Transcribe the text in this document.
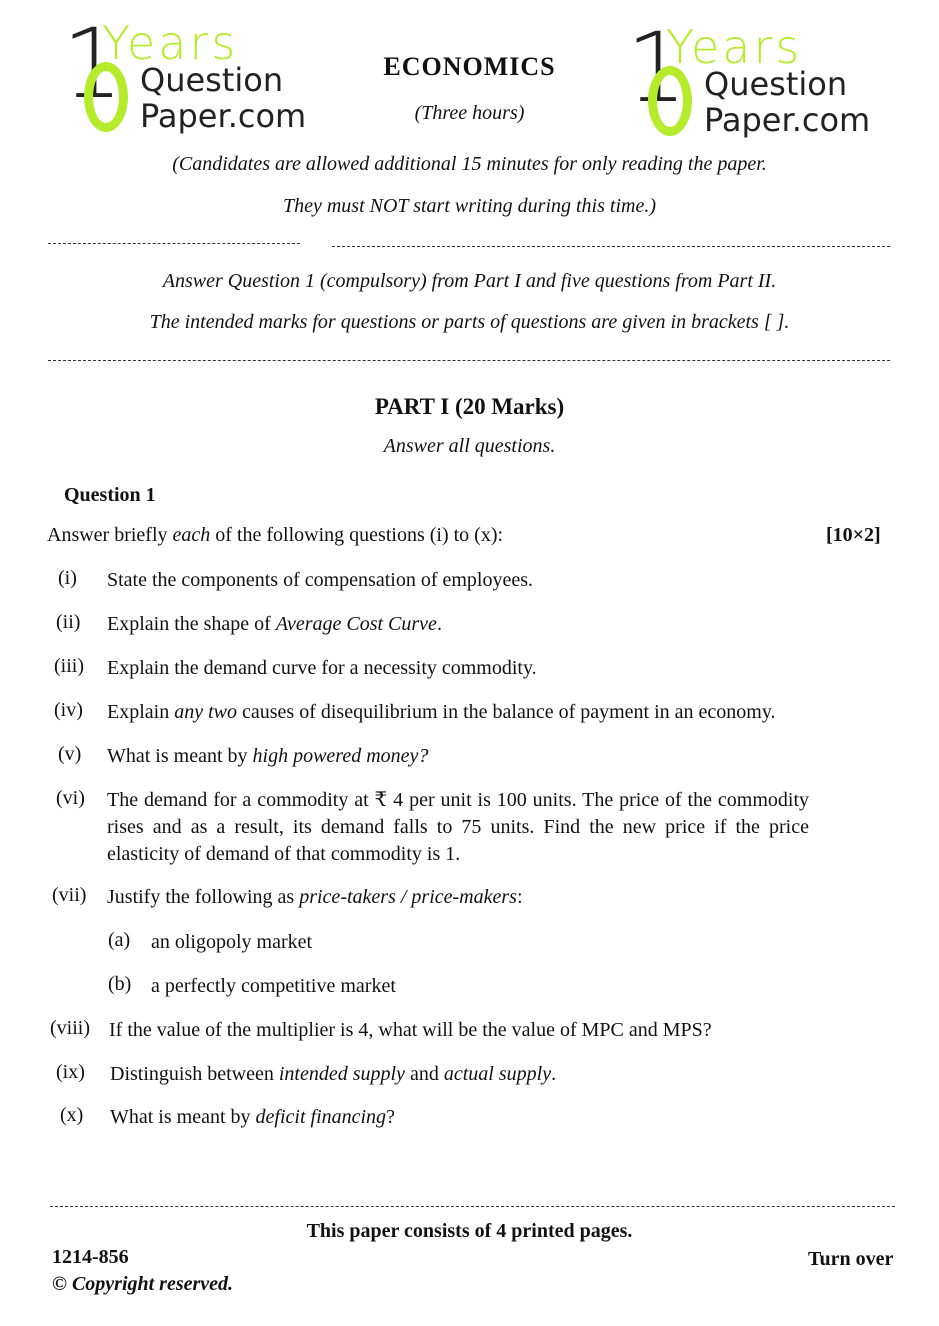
1
Years
Question
Paper.com	1
Years
Question
Paper.com
ECONOMICS
(Three hours)
(Candidates are allowed additional 15 minutes for only reading the paper.
They must NOT start writing during this time.)
Answer Question 1 (compulsory) from Part I and five questions from Part II.
The intended marks for questions or parts of questions are given in brackets [ ].
PART I (20 Marks)
Answer all questions.
Question 1
Answer briefly each of the following questions (i) to (x):	[10×2]
(i)	State the components of compensation of employees.
(ii)	Explain the shape of Average Cost Curve.
(iii)	Explain the demand curve for a necessity commodity.
(iv)	Explain any two causes of disequilibrium in the balance of payment in an economy.
(v)	What is meant by high powered money?
(vi)	The demand for a commodity at ₹ 4 per unit is 100 units. The price of the commodity rises and as a result, its demand falls to 75 units. Find the new price if the price elasticity of demand of that commodity is 1.
(vii)	Justify the following as price-takers / price-makers:
(a)	an oligopoly market
(b) a perfectly competitive market
(viii) If the value of the multiplier is 4, what will be the value of MPC and MPS?
(ix)	Distinguish between intended supply and actual supply.
(x)	What is meant by deficit financing?
This paper consists of 4 printed pages.
1214-856
© Copyright reserved.
Turn over
